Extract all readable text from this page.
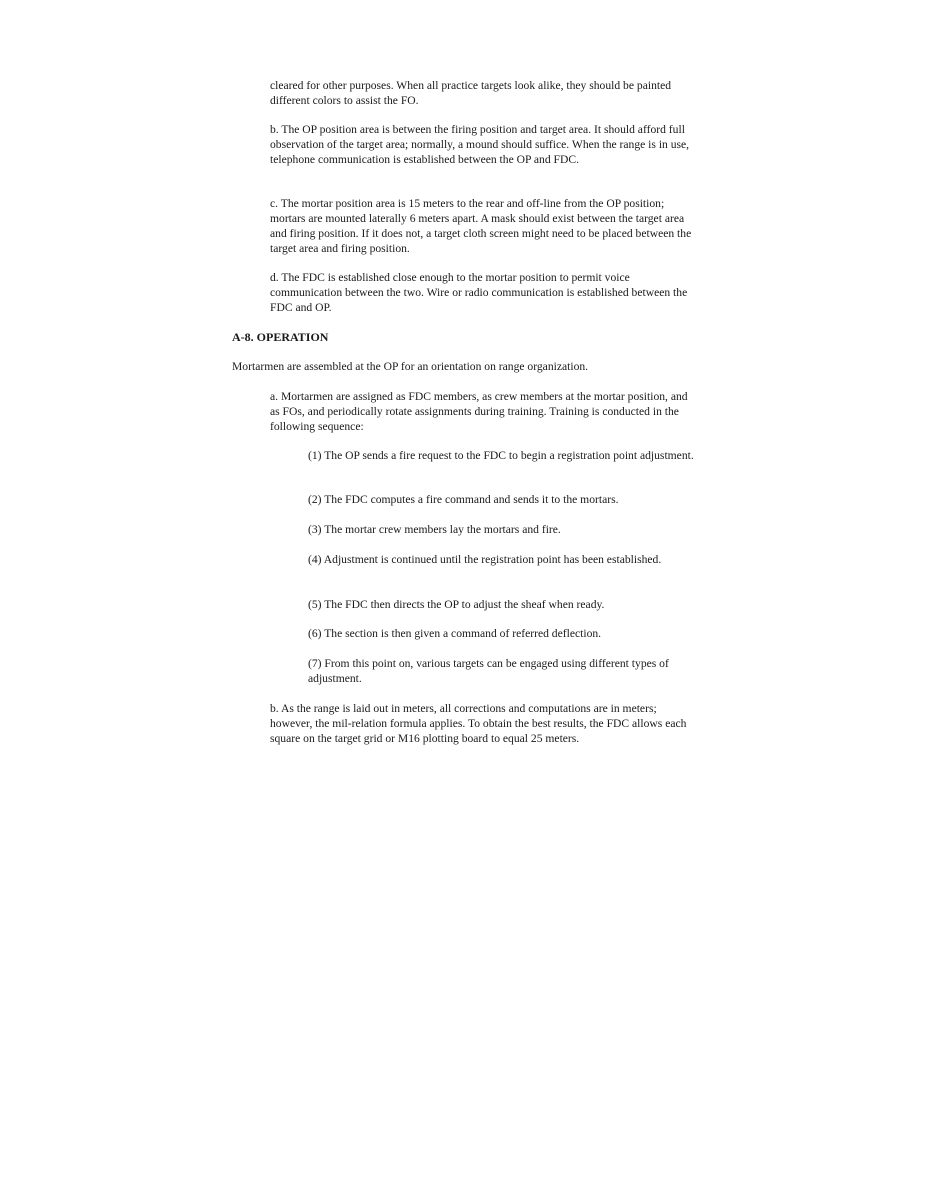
cleared for other purposes. When all practice targets look alike, they should be painted different colors to assist the FO.

b. The OP position area is between the firing position and target area. It should afford full observation of the target area; normally, a mound should suffice. When the range is in use, telephone communication is established between the OP and FDC.

c. The mortar position area is 15 meters to the rear and off-line from the OP position; mortars are mounted laterally 6 meters apart. A mask should exist between the target area and firing position. If it does not, a target cloth screen might need to be placed between the target area and firing position.

d. The FDC is established close enough to the mortar position to permit voice communication between the two. Wire or radio communication is established between the FDC and OP.

A-8. OPERATION

Mortarmen are assembled at the OP for an orientation on range organization.

a. Mortarmen are assigned as FDC members, as crew members at the mortar position, and as FOs, and periodically rotate assignments during training. Training is conducted in the following sequence:

(1) The OP sends a fire request to the FDC to begin a registration point adjustment.

(2) The FDC computes a fire command and sends it to the mortars.

(3) The mortar crew members lay the mortars and fire.

(4) Adjustment is continued until the registration point has been established.

(5) The FDC then directs the OP to adjust the sheaf when ready.

(6) The section is then given a command of referred deflection.

(7) From this point on, various targets can be engaged using different types of adjustment.

b. As the range is laid out in meters, all corrections and computations are in meters; however, the mil-relation formula applies. To obtain the best results, the FDC allows each square on the target grid or M16 plotting board to equal 25 meters.
